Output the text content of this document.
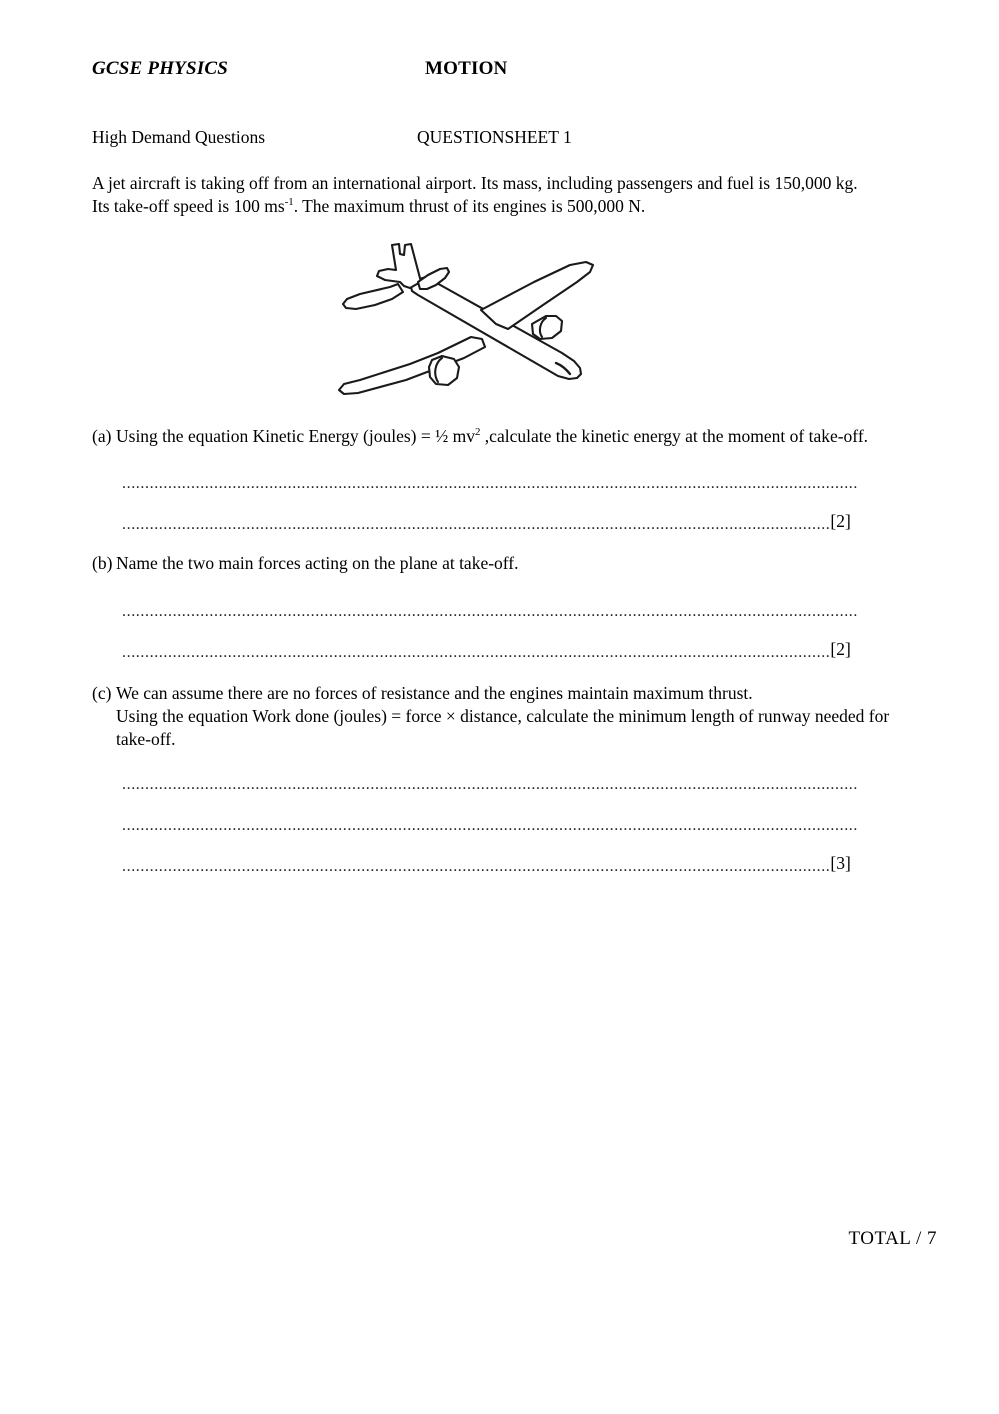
GCSE PHYSICS	MOTION
High Demand Questions	QUESTIONSHEET 1
A jet aircraft is taking off from an international airport. Its mass, including passengers and fuel is 150,000 kg.
Its take-off speed is 100 $ms^{-1}$. The maximum thrust of its engines is 500,000 N.
(a) Using the equation Kinetic Energy (joules) = ½ $mv^2$ ,calculate the kinetic energy at the moment of take-off.
................................................................................................................................................................
..........................................................................................................................................................[2]
(b) Name the two main forces acting on the plane at take-off.
................................................................................................................................................................
..........................................................................................................................................................[2]
(c) We can assume there are no forces of resistance and the engines maintain maximum thrust.
Using the equation Work done (joules) = force × distance, calculate the minimum length of runway needed for
take-off.
................................................................................................................................................................
................................................................................................................................................................
..........................................................................................................................................................[3]
TOTAL / 7
